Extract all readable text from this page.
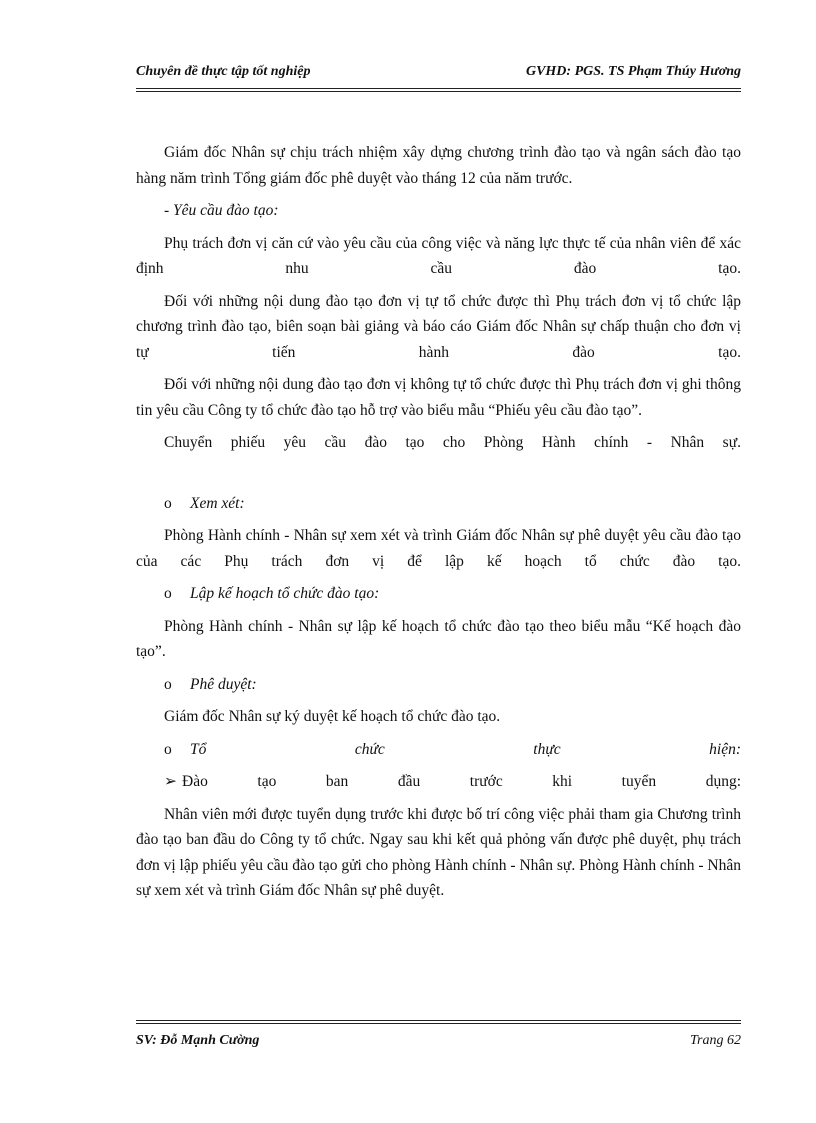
Chuyên đề thực tập tốt nghiệp	GVHD: PGS. TS Phạm Thúy Hương

Giám đốc Nhân sự chịu trách nhiệm xây dựng chương trình đào tạo và ngân sách đào tạo hàng năm trình Tổng giám đốc phê duyệt vào tháng 12 của năm trước.

- Yêu cầu đào tạo:

Phụ trách đơn vị căn cứ vào yêu cầu của công việc và năng lực thực tế của nhân viên để xác định nhu cầu đào tạo.

Đối với những nội dung đào tạo đơn vị tự tổ chức được thì Phụ trách đơn vị tổ chức lập chương trình đào tạo, biên soạn bài giảng và báo cáo Giám đốc Nhân sự chấp thuận cho đơn vị tự tiến hành đào tạo.

Đối với những nội dung đào tạo đơn vị không tự tổ chức được thì Phụ trách đơn vị ghi thông tin yêu cầu Công ty tổ chức đào tạo hỗ trợ vào biểu mẫu “Phiếu yêu cầu đào tạo”.

Chuyển phiếu yêu cầu đào tạo cho Phòng Hành chính - Nhân sự.

o	Xem xét:

Phòng Hành chính - Nhân sự xem xét và trình Giám đốc Nhân sự phê duyệt yêu cầu đào tạo của các Phụ trách đơn vị để lập kế hoạch tổ chức đào tạo.

o	Lập kế hoạch tổ chức đào tạo:

Phòng Hành chính - Nhân sự lập kế hoạch tổ chức đào tạo theo biểu mẫu “Kế hoạch đào tạo”.

o	Phê duyệt:

Giám đốc Nhân sự ký duyệt kế hoạch tổ chức đào tạo.

o	Tổ chức thực hiện:
➢ Đào tạo ban đầu trước khi tuyển dụng:

Nhân viên mới được tuyển dụng trước khi được bố trí công việc phải tham gia Chương trình đào tạo ban đầu do Công ty tổ chức. Ngay sau khi kết quả phỏng vấn được phê duyệt, phụ trách đơn vị lập phiếu yêu cầu đào tạo gửi cho phòng Hành chính - Nhân sự. Phòng Hành chính - Nhân sự xem xét và trình Giám đốc Nhân sự phê duyệt.

SV: Đỗ Mạnh Cường	Trang 62
